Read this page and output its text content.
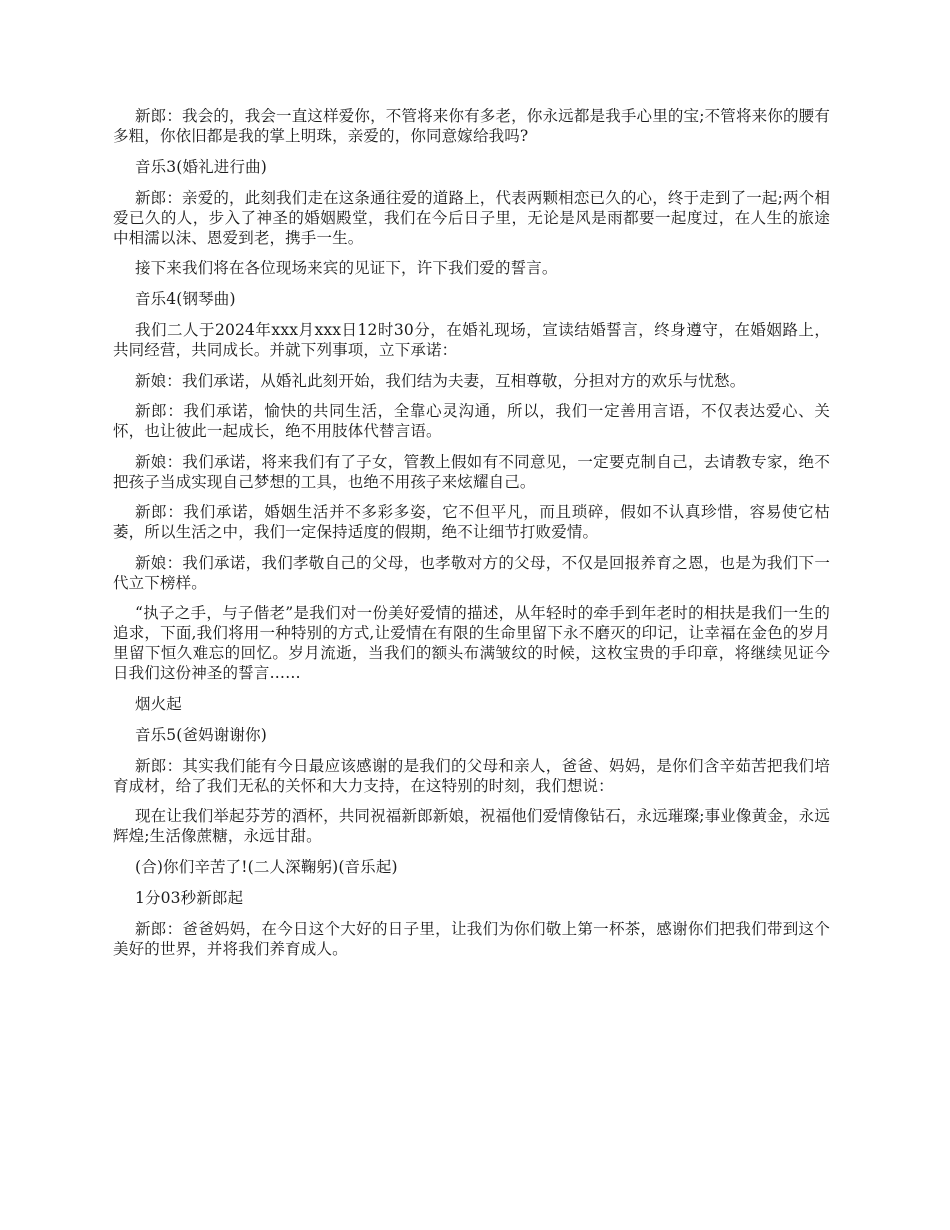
新郎：我会的，我会一直这样爱你，不管将来你有多老，你永远都是我手心里的宝;不管将来你的腰有多粗，你依旧都是我的掌上明珠，亲爱的，你同意嫁给我吗?

音乐3(婚礼进行曲)

新郎：亲爱的，此刻我们走在这条通往爱的道路上，代表两颗相恋已久的心，终于走到了一起;两个相爱已久的人，步入了神圣的婚姻殿堂，我们在今后日子里，无论是风是雨都要一起度过，在人生的旅途中相濡以沫、恩爱到老，携手一生。

接下来我们将在各位现场来宾的见证下，许下我们爱的誓言。

音乐4(钢琴曲)

我们二人于2024年xxx月xxx日12时30分，在婚礼现场，宣读结婚誓言，终身遵守，在婚姻路上，共同经营，共同成长。并就下列事项，立下承诺：

新娘：我们承诺，从婚礼此刻开始，我们结为夫妻，互相尊敬，分担对方的欢乐与忧愁。

新郎：我们承诺，愉快的共同生活，全靠心灵沟通，所以，我们一定善用言语，不仅表达爱心、关怀，也让彼此一起成长，绝不用肢体代替言语。

新娘：我们承诺，将来我们有了子女，管教上假如有不同意见，一定要克制自己，去请教专家，绝不把孩子当成实现自己梦想的工具，也绝不用孩子来炫耀自己。

新郎：我们承诺，婚姻生活并不多彩多姿，它不但平凡，而且琐碎，假如不认真珍惜，容易使它枯萎，所以生活之中，我们一定保持适度的假期，绝不让细节打败爱情。

新娘：我们承诺，我们孝敬自己的父母，也孝敬对方的父母，不仅是回报养育之恩，也是为我们下一代立下榜样。

“执子之手，与子偕老”是我们对一份美好爱情的描述，从年轻时的牵手到年老时的相扶是我们一生的追求，下面,我们将用一种特别的方式,让爱情在有限的生命里留下永不磨灭的印记，让幸福在金色的岁月里留下恒久难忘的回忆。岁月流逝，当我们的额头布满皱纹的时候，这枚宝贵的手印章，将继续见证今日我们这份神圣的誓言……

烟火起

音乐5(爸妈谢谢你)

新郎：其实我们能有今日最应该感谢的是我们的父母和亲人，爸爸、妈妈，是你们含辛茹苦把我们培育成材，给了我们无私的关怀和大力支持，在这特别的时刻，我们想说：

现在让我们举起芬芳的酒杯，共同祝福新郎新娘，祝福他们爱情像钻石，永远璀璨;事业像黄金，永远辉煌;生活像蔗糖，永远甘甜。

(合)你们辛苦了!(二人深鞠躬)(音乐起)

1分03秒新郎起

新郎：爸爸妈妈，在今日这个大好的日子里，让我们为你们敬上第一杯茶，感谢你们把我们带到这个美好的世界，并将我们养育成人。
